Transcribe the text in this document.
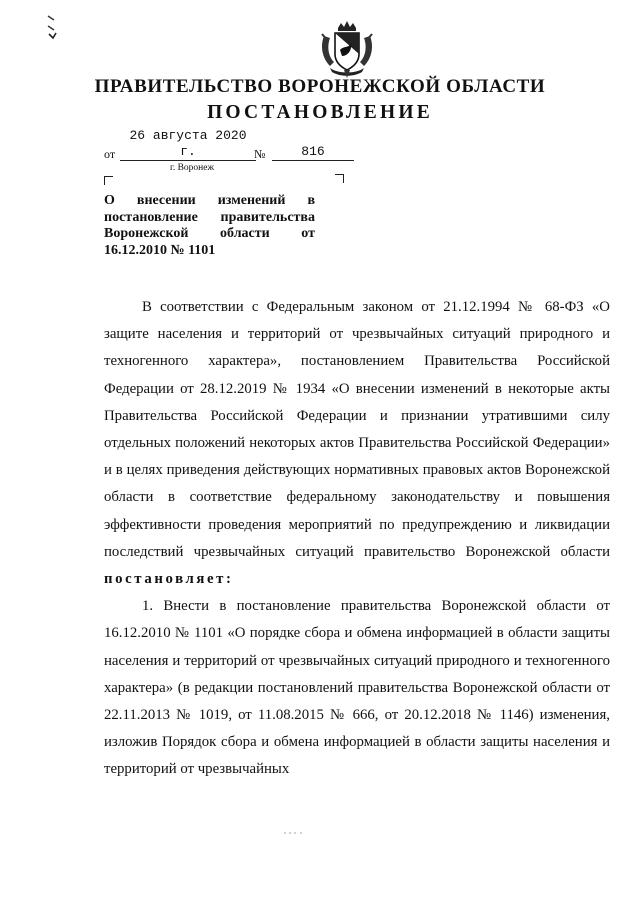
ПРАВИТЕЛЬСТВО ВОРОНЕЖСКОЙ ОБЛАСТИ
ПОСТАНОВЛЕНИЕ
от
26 августа 2020 г.	№	816
г. Воронеж
О внесении изменений в постановление правительства Воронежской области от 16.12.2010 № 1101

В соответствии с Федеральным законом от 21.12.1994 № 68-ФЗ «О защите населения и территорий от чрезвычайных ситуаций природного и техногенного характера», постановлением Правительства Российской Федерации от 28.12.2019 № 1934 «О внесении изменений в некоторые акты Правительства Российской Федерации и признании утратившими силу отдельных положений некоторых актов Правительства Российской Федерации» и в целях приведения действующих нормативных правовых актов Воронежской области в соответствие федеральному законодательству и повышения эффективности проведения мероприятий по предупреждению и ликвидации последствий чрезвычайных ситуаций правительство Воронежской области постановляет:

1. Внести в постановление правительства Воронежской области от 16.12.2010 № 1101 «О порядке сбора и обмена информацией в области защиты населения и территорий от чрезвычайных ситуаций природного и техногенного характера» (в редакции постановлений правительства Воронежской области от 22.11.2013 № 1019, от 11.08.2015 № 666, от 20.12.2018 № 1146) изменения, изложив Порядок сбора и обмена информацией в области защиты населения и территорий от чрезвычайных
